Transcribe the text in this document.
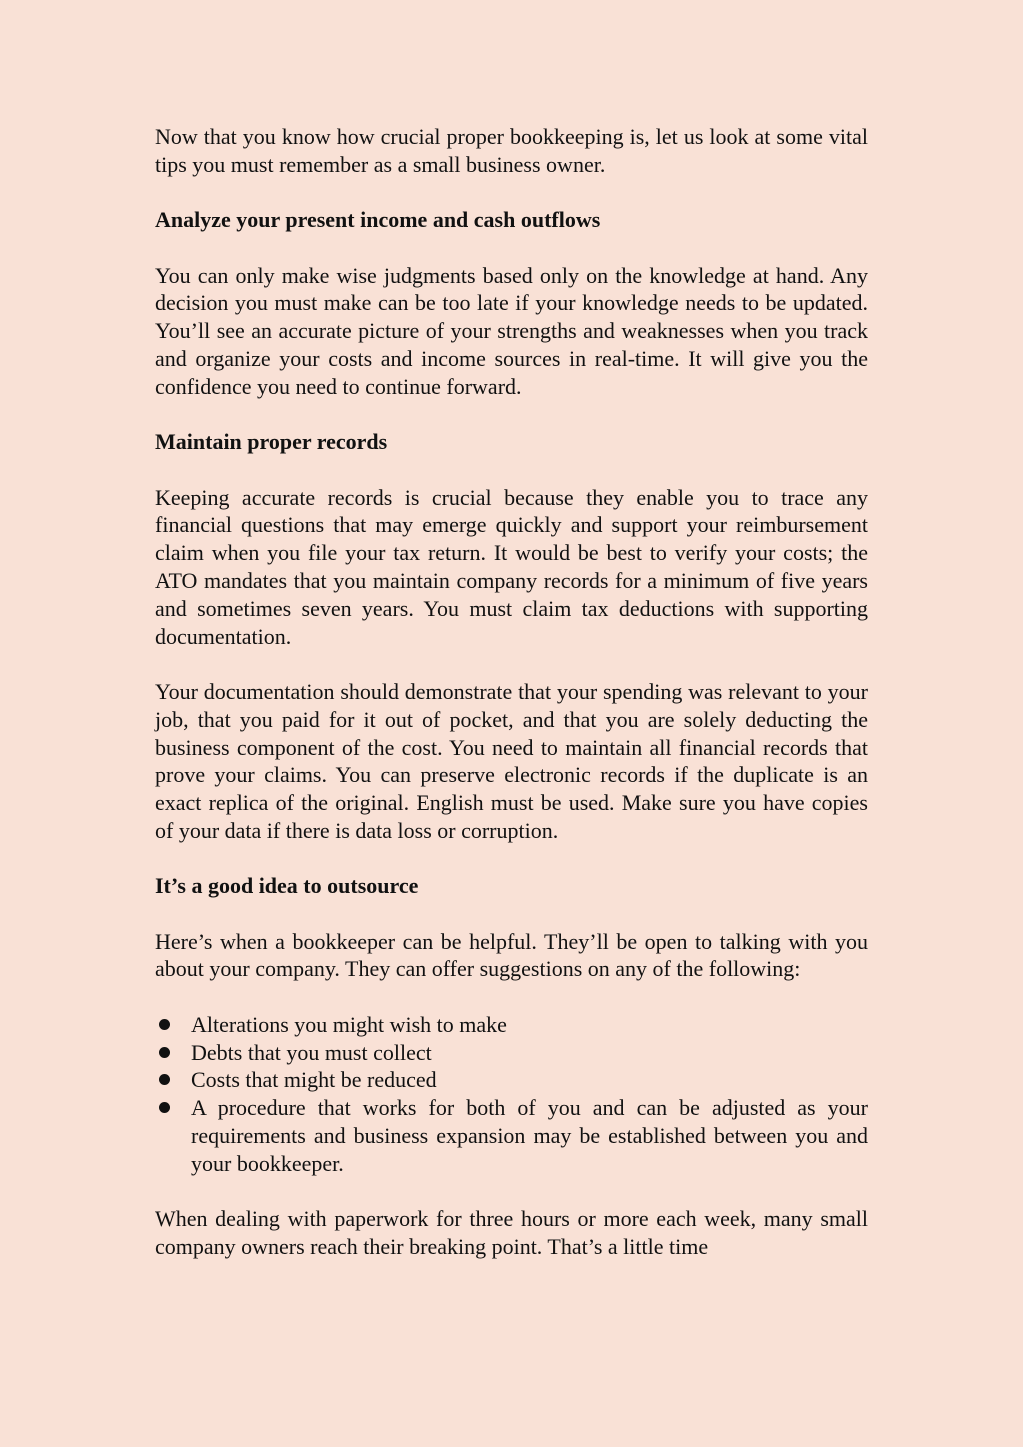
Now that you know how crucial proper bookkeeping is, let us look at some vital tips you must remember as a small business owner.

Analyze your present income and cash outflows

You can only make wise judgments based only on the knowledge at hand. Any decision you must make can be too late if your knowledge needs to be updated. You’ll see an accurate picture of your strengths and weaknesses when you track and organize your costs and income sources in real-time. It will give you the confidence you need to continue forward.

Maintain proper records

Keeping accurate records is crucial because they enable you to trace any financial questions that may emerge quickly and support your reimbursement claim when you file your tax return. It would be best to verify your costs; the ATO mandates that you maintain company records for a minimum of five years and sometimes seven years. You must claim tax deductions with supporting documentation.

Your documentation should demonstrate that your spending was relevant to your job, that you paid for it out of pocket, and that you are solely deducting the business component of the cost. You need to maintain all financial records that prove your claims. You can preserve electronic records if the duplicate is an exact replica of the original. English must be used. Make sure you have copies of your data if there is data loss or corruption.

It’s a good idea to outsource

Here’s when a bookkeeper can be helpful. They’ll be open to talking with you about your company. They can offer suggestions on any of the following:

Alterations you might wish to make
Debts that you must collect
Costs that might be reduced
A procedure that works for both of you and can be adjusted as your requirements and business expansion may be established between you and your bookkeeper.

When dealing with paperwork for three hours or more each week, many small company owners reach their breaking point. That’s a little time
